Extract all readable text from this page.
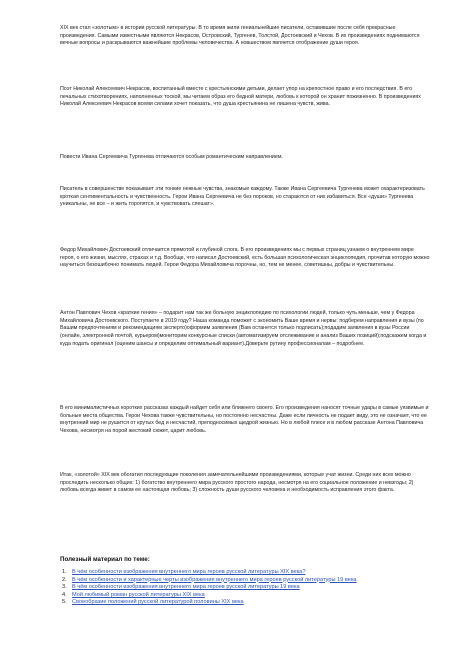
XIX век стал «золотым» в истории русской литературы. В то время жили гениальнейшие писатели, оставившие после себя прекрасные произведения. Самыми известными являются Некрасов, Островский, Тургенев, Толстой, Достоевский и Чехов. В их произведениях поднимаются вечные вопросы и раскрываются важнейшие проблемы человечества. А новшеством является отображение души героя.
Поэт Николай Алексеевич Некрасов, воспитанный вместе с крестьянскими детьми, делает упор на крепостное право и его последствия. В его печальных стихотворениях, наполненных тоской, мы читаем образ его бедной матери, любовь к которой он хранит пожизненно. В произведениях Николай Алексеевич Некрасов всеми силами хочет показать, что душа крестьянина не лишена чувств, жива.
Повести Ивана Сергеевича Тургенева отличаются особым романтическим направлением.
Писатель в совершенстве показывает эти тонкие нежные чувства, знакомые каждому. Также Ивана Сергеевича Тургенева может охарактеризовать кроткая сентиментальность и чувственность. Герои Ивана Сергеевича не без пороков, но стараются от них избавиться. Все «души» Тургенева уникальны, не все – и жить торопятся, и чувствовать спешат».
Федор Михайлович Достоевский отличается прямотой и глубиной слога. В его произведениях мы с первых страниц узнаем о внутреннем мире героя, о его жизни, мыслях, страхах и т.д. Вообще, что написал Достоевский, есть большая психологическая энциклопедия, прочитав которую можно научиться безошибочно понимать людей. Герои Федора Михайловича порочны, но, тем не менее, советишны, добры и чувствительны.
Антон Павлович Чехов «краткие гения» – подарит нам так же больную энциклопедию по психологии людей, только чуть меньше, чем у Федора Михайловича Достоевского. Поступаете в 2019 году? Наша команда поможет с экономить Ваше время и нервы: подберем направления и вузы (по Вашим предпочтениям и рекомендациям эксперто)оформим заявления (Вам останется только подписать);подадим заявления в вузы России (онлайн, электронной почтой, курьером)мониторим конкурсные списки (автоматизируем отслеживание и анализ Ваших позиций);подскажем когда и куда подать оригинал (оценим шансы и определим оптимальный вариант).Доверьте рутину профессионалам – подробнее.
В его минималистичных коротких рассказах каждый найдет себя или ближнего своего. Его произведения наносят точные удары в самые уязвимые и больные места общества. Герои Чехова также чувствительны, но постоянно несчастны. Даже если личность не подает виду, это не означает, что ее внутренний мир не рушится от крутых бед и несчастий, преподносимых щедрой жизнью. Но в любой плесе и в любом рассказе Антона Павловича Чехова, несмотря на порой жестокий сюжет, царит любовь.
Итак, «золотой» XIX век обогатил последующие поколения замечательнейшими произведениями, которые учат жизни. Среди них всех можно проследить несколько общих: 1) богатство внутреннего мира русского простого народа, несмотря на его социальное положение и невзгоды; 2) любовь всегда живет в самом ее настоящая любовь; 3) сложность души русского человека и необходимость исправления этого факта.
Полезный материал по теме:
1. В чём особенности изображения внутреннего мира героев русской литературы XIX века?
2. В чём особенности и характерные черты изображения внутреннего мира героев русской литературы 19 века
3. В чём особенности изображения внутреннего мира героев русской литературы 19 века
4. Мой любимый роман русской литературы XIX века
5. Своеобразие положений русской литературой половины XIX века
